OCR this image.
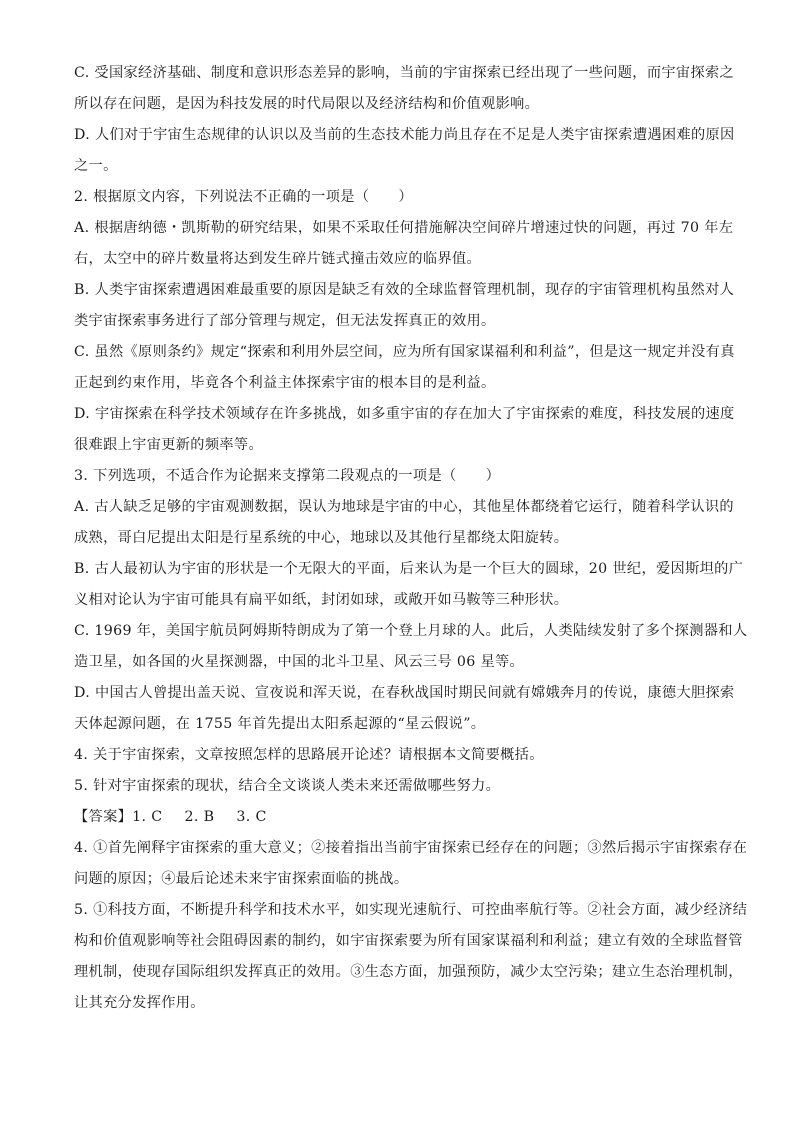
C. 受国家经济基础、制度和意识形态差异的影响，当前的宇宙探索已经出现了一些问题，而宇宙探索之
所以存在问题，是因为科技发展的时代局限以及经济结构和价值观影响。
D. 人们对于宇宙生态规律的认识以及当前的生态技术能力尚且存在不足是人类宇宙探索遭遇困难的原因
之一。
2. 根据原文内容，下列说法不正确的一项是（　　）
A. 根据唐纳德・凯斯勒的研究结果，如果不采取任何措施解决空间碎片增速过快的问题，再过 70 年左
右，太空中的碎片数量将达到发生碎片链式撞击效应的临界值。
B. 人类宇宙探索遭遇困难最重要的原因是缺乏有效的全球监督管理机制，现存的宇宙管理机构虽然对人
类宇宙探索事务进行了部分管理与规定，但无法发挥真正的效用。
C. 虽然《原则条约》规定“探索和利用外层空间，应为所有国家谋福利和利益”，但是这一规定并没有真
正起到约束作用，毕竟各个利益主体探索宇宙的根本目的是利益。
D. 宇宙探索在科学技术领域存在许多挑战，如多重宇宙的存在加大了宇宙探索的难度，科技发展的速度
很难跟上宇宙更新的频率等。
3. 下列选项，不适合作为论据来支撑第二段观点的一项是（　　）
A. 古人缺乏足够的宇宙观测数据，误认为地球是宇宙的中心，其他星体都绕着它运行，随着科学认识的
成熟，哥白尼提出太阳是行星系统的中心，地球以及其他行星都绕太阳旋转。
B. 古人最初认为宇宙的形状是一个无限大的平面，后来认为是一个巨大的圆球，20 世纪，爱因斯坦的广
义相对论认为宇宙可能具有扁平如纸，封闭如球，或敞开如马鞍等三种形状。
C. 1969 年，美国宇航员阿姆斯特朗成为了第一个登上月球的人。此后，人类陆续发射了多个探测器和人
造卫星，如各国的火星探测器，中国的北斗卫星、风云三号 06 星等。
D. 中国古人曾提出盖天说、宣夜说和浑天说，在春秋战国时期民间就有嫦娥奔月的传说，康德大胆探索
天体起源问题，在 1755 年首先提出太阳系起源的“星云假说”。
4. 关于宇宙探索，文章按照怎样的思路展开论述？请根据本文简要概括。
5. 针对宇宙探索的现状，结合全文谈谈人类未来还需做哪些努力。
【答案】1. C 2. B 3. C
4. ①首先阐释宇宙探索的重大意义；②接着指出当前宇宙探索已经存在的问题；③然后揭示宇宙探索存在
问题的原因；④最后论述未来宇宙探索面临的挑战。
5. ①科技方面，不断提升科学和技术水平，如实现光速航行、可控曲率航行等。②社会方面，减少经济结
构和价值观影响等社会阻碍因素的制约，如宇宙探索要为所有国家谋福利和利益；建立有效的全球监督管
理机制，使现存国际组织发挥真正的效用。③生态方面，加强预防，减少太空污染；建立生态治理机制，
让其充分发挥作用。
